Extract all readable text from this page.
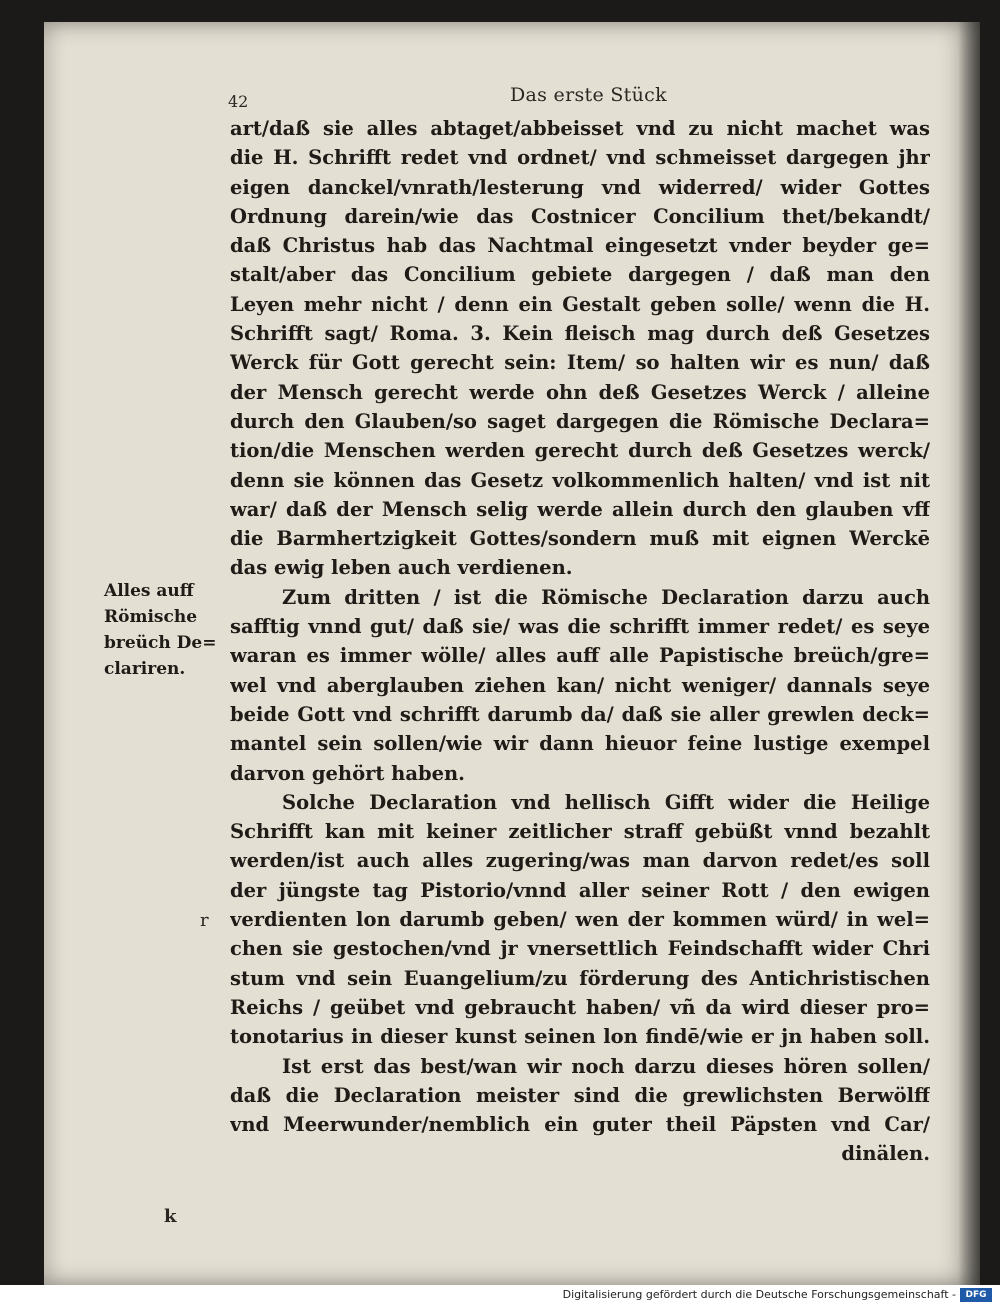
42	Das erste Stück
Alles auff
Römische
breüch De=
clariren.
r
k
art/daß sie alles abtaget/abbeisset vnd zu nicht machet was
die H. Schrifft redet vnd ordnet/ vnd schmeisset dargegen jhr
eigen danckel/vnrath/lesterung vnd widerred/ wider Gottes
Ordnung darein/wie das Costnicer Concilium thet/bekandt/
daß Christus hab das Nachtmal eingesetzt vnder beyder ge=
stalt/aber das Concilium gebiete dargegen / daß man den
Leyen mehr nicht / denn ein Gestalt geben solle/ wenn die H.
Schrifft sagt/ Roma. 3. Kein fleisch mag durch deß Gesetzes
Werck für Gott gerecht sein: Item/ so halten wir es nun/ daß
der Mensch gerecht werde ohn deß Gesetzes Werck / alleine
durch den Glauben/so saget dargegen die Römische Declara=
tion/die Menschen werden gerecht durch deß Gesetzes werck/
denn sie können das Gesetz volkommenlich halten/ vnd ist nit
war/ daß der Mensch selig werde allein durch den glauben vff
die Barmhertzigkeit Gottes/sondern muß mit eignen Werckē
das ewig leben auch verdienen.
Zum dritten / ist die Römische Declaration darzu auch
safftig vnnd gut/ daß sie/ was die schrifft immer redet/ es seye
waran es immer wölle/ alles auff alle Papistische breüch/gre=
wel vnd aberglauben ziehen kan/ nicht weniger/ dannals seye
beide Gott vnd schrifft darumb da/ daß sie aller grewlen deck=
mantel sein sollen/wie wir dann hieuor feine lustige exempel
darvon gehört haben.
Solche Declaration vnd hellisch Gifft wider die Heilige
Schrifft kan mit keiner zeitlicher straff gebüßt vnnd bezahlt
werden/ist auch alles zugering/was man darvon redet/es soll
der jüngste tag Pistorio/vnnd aller seiner Rott / den ewigen
verdienten lon darumb geben/ wen der kommen würd/ in wel=
chen sie gestochen/vnd jr vnersettlich Feindschafft wider Chri
stum vnd sein Euangelium/zu förderung des Antichristischen
Reichs / geübet vnd gebraucht haben/ vñ da wird dieser pro=
tonotarius in dieser kunst seinen lon findē/wie er jn haben soll.
Ist erst das best/wan wir noch darzu dieses hören sollen/
daß die Declaration meister sind die grewlichsten Berwölff
vnd Meerwunder/nemblich ein guter theil Päpsten vnd Car/
dinälen.
Digitalisierung gefördert durch die Deutsche Forschungsgemeinschaft -	DFG
